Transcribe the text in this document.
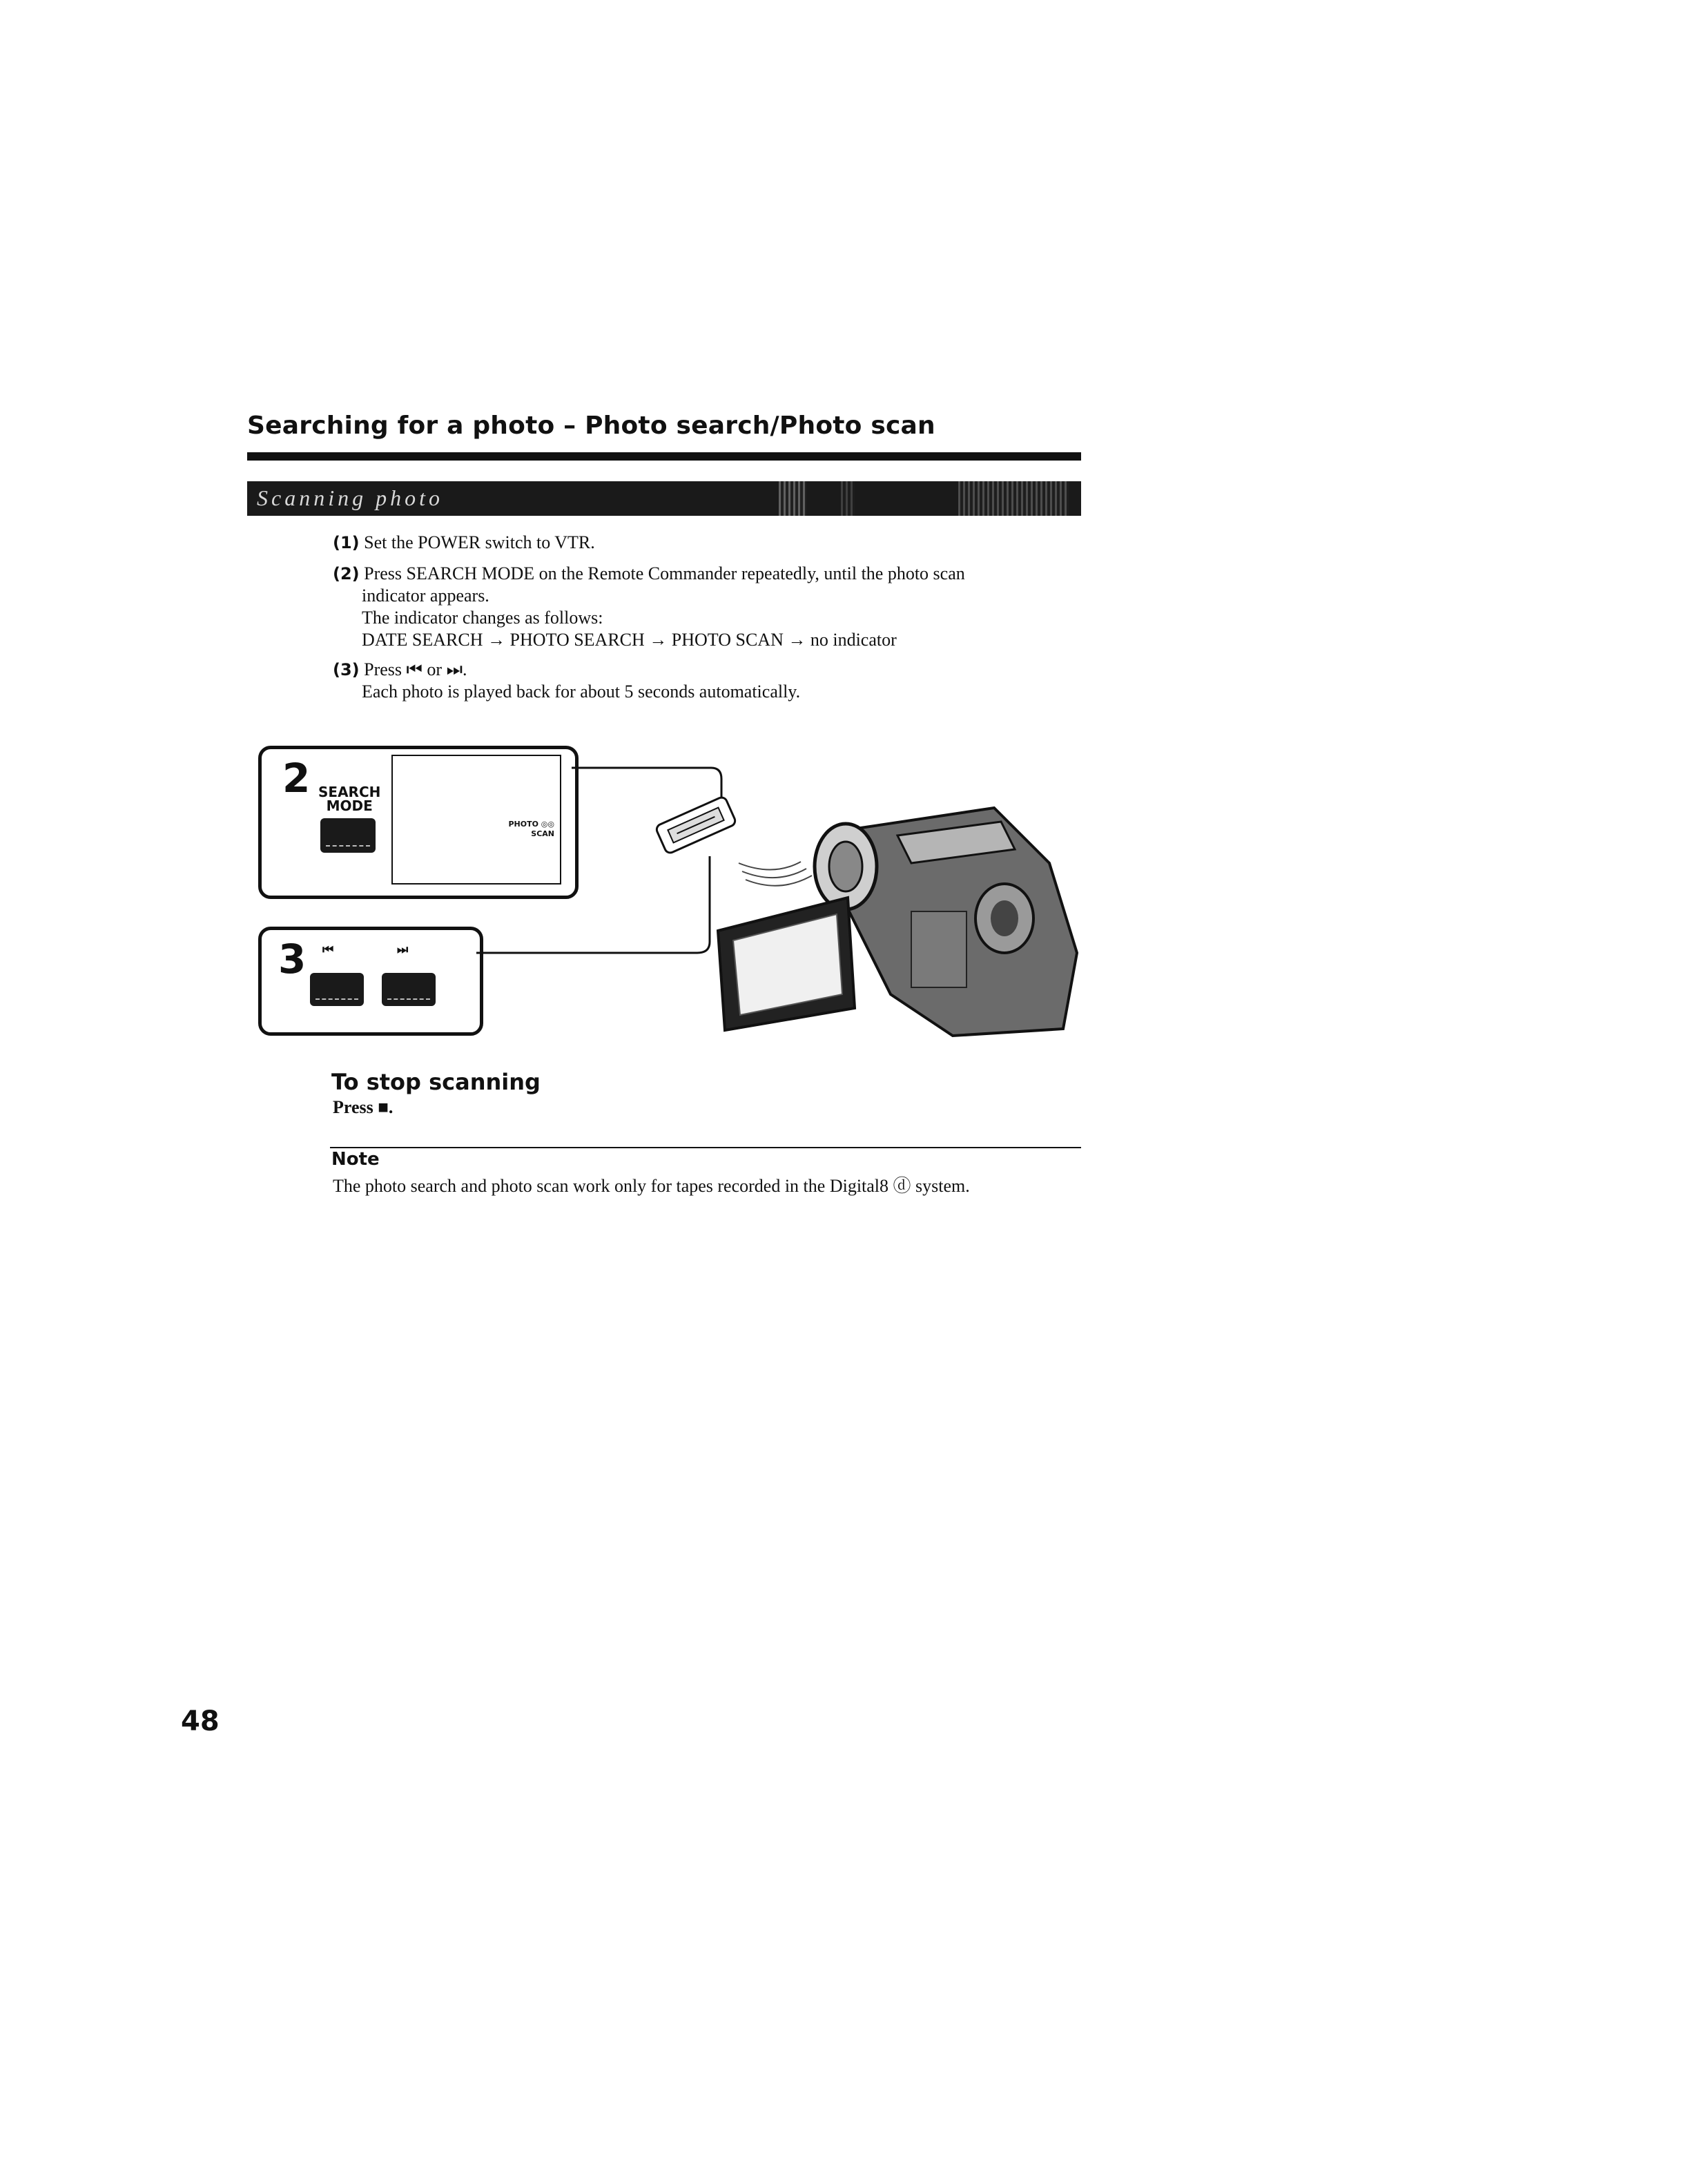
Searching for a photo – Photo search/Photo scan
Scanning photo
(1) Set the POWER switch to VTR.
(2) Press SEARCH MODE on the Remote Commander repeatedly, until the photo scan
indicator appears.
The indicator changes as follows:
DATE SEARCH → PHOTO SEARCH → PHOTO SCAN → no indicator
(3) Press ⏮ or ⏭.
Each photo is played back for about 5 seconds automatically.
2 SEARCH
MODE
PHOTO ◎◎
SCAN
3 ⏮	⏭
To stop scanning
Press ■.
Note
The photo search and photo scan work only for tapes recorded in the Digital8 ⓓ system.
48
